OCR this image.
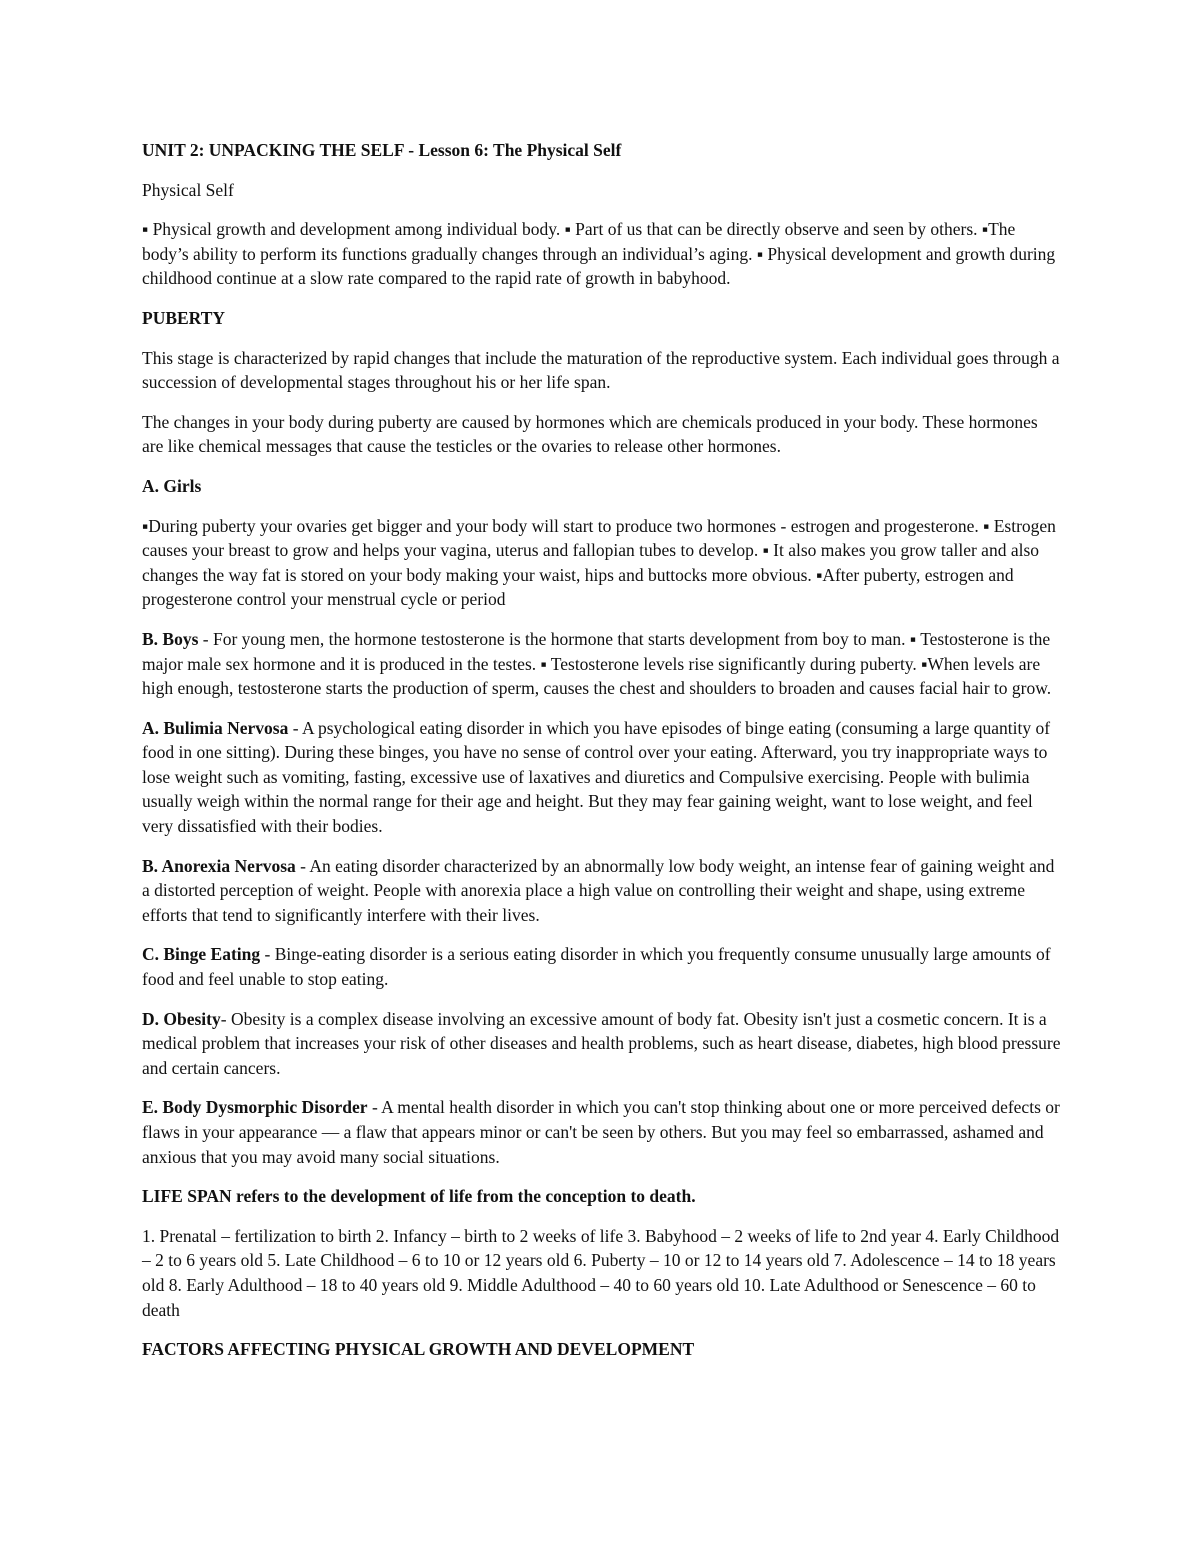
UNIT 2: UNPACKING THE SELF - Lesson 6: The Physical Self

Physical Self

▪ Physical growth and development among individual body. ▪ Part of us that can be directly observe and seen by others. ▪The body’s ability to perform its functions gradually changes through an individual’s aging. ▪ Physical development and growth during childhood continue at a slow rate compared to the rapid rate of growth in babyhood.

PUBERTY

This stage is characterized by rapid changes that include the maturation of the reproductive system. Each individual goes through a succession of developmental stages throughout his or her life span.

The changes in your body during puberty are caused by hormones which are chemicals produced in your body. These hormones are like chemical messages that cause the testicles or the ovaries to release other hormones.

A. Girls

▪During puberty your ovaries get bigger and your body will start to produce two hormones - estrogen and progesterone. ▪ Estrogen causes your breast to grow and helps your vagina, uterus and fallopian tubes to develop. ▪ It also makes you grow taller and also changes the way fat is stored on your body making your waist, hips and buttocks more obvious. ▪After puberty, estrogen and progesterone control your menstrual cycle or period

B. Boys - For young men, the hormone testosterone is the hormone that starts development from boy to man. ▪ Testosterone is the major male sex hormone and it is produced in the testes. ▪ Testosterone levels rise significantly during puberty. ▪When levels are high enough, testosterone starts the production of sperm, causes the chest and shoulders to broaden and causes facial hair to grow.

A. Bulimia Nervosa - A psychological eating disorder in which you have episodes of binge eating (consuming a large quantity of food in one sitting). During these binges, you have no sense of control over your eating. Afterward, you try inappropriate ways to lose weight such as vomiting, fasting, excessive use of laxatives and diuretics and Compulsive exercising. People with bulimia usually weigh within the normal range for their age and height. But they may fear gaining weight, want to lose weight, and feel very dissatisfied with their bodies.

B. Anorexia Nervosa - An eating disorder characterized by an abnormally low body weight, an intense fear of gaining weight and a distorted perception of weight. People with anorexia place a high value on controlling their weight and shape, using extreme efforts that tend to significantly interfere with their lives.

C. Binge Eating - Binge-eating disorder is a serious eating disorder in which you frequently consume unusually large amounts of food and feel unable to stop eating.

D. Obesity- Obesity is a complex disease involving an excessive amount of body fat. Obesity isn't just a cosmetic concern. It is a medical problem that increases your risk of other diseases and health problems, such as heart disease, diabetes, high blood pressure and certain cancers.

E. Body Dysmorphic Disorder - A mental health disorder in which you can't stop thinking about one or more perceived defects or flaws in your appearance — a flaw that appears minor or can't be seen by others. But you may feel so embarrassed, ashamed and anxious that you may avoid many social situations.

LIFE SPAN refers to the development of life from the conception to death.

1. Prenatal – fertilization to birth 2. Infancy – birth to 2 weeks of life 3. Babyhood – 2 weeks of life to 2nd year 4. Early Childhood – 2 to 6 years old 5. Late Childhood – 6 to 10 or 12 years old 6. Puberty – 10 or 12 to 14 years old 7. Adolescence – 14 to 18 years old 8. Early Adulthood – 18 to 40 years old 9. Middle Adulthood – 40 to 60 years old 10. Late Adulthood or Senescence – 60 to death

FACTORS AFFECTING PHYSICAL GROWTH AND DEVELOPMENT
